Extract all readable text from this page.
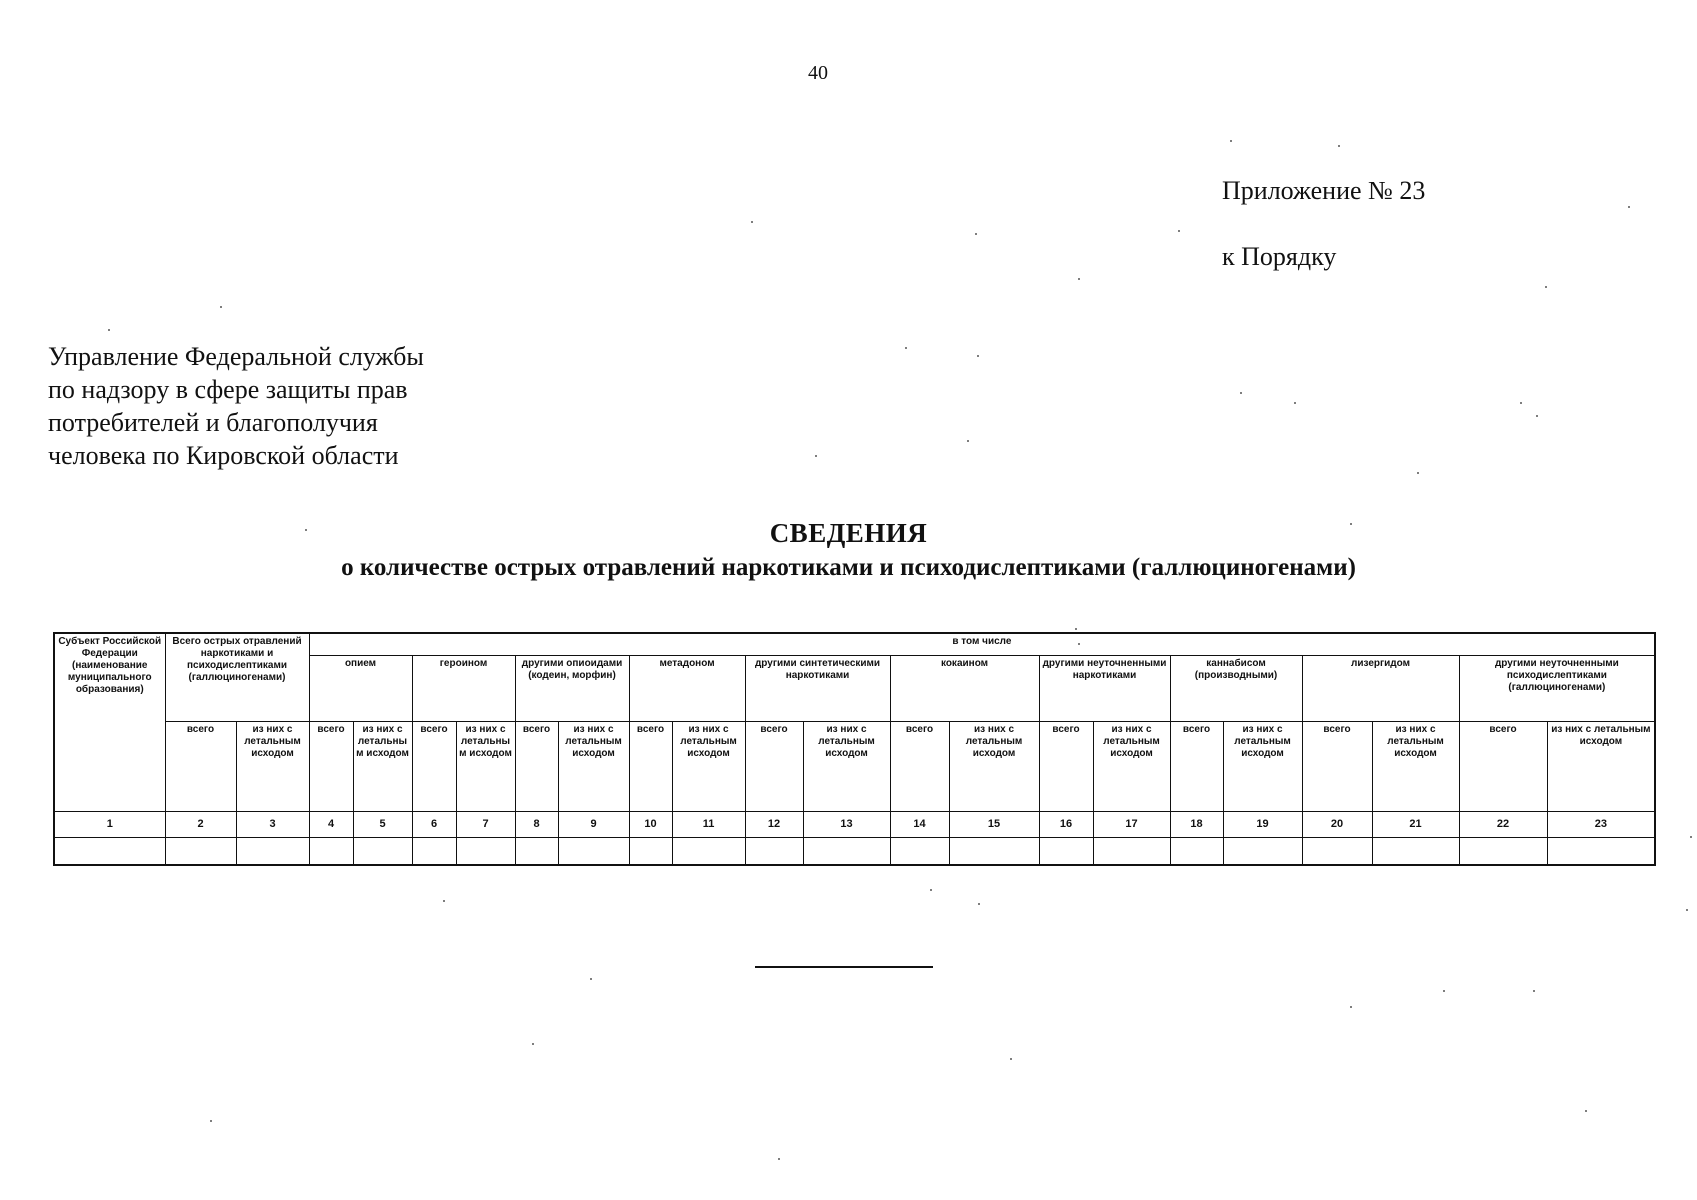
40
Приложение № 23
к Порядку
Управление Федеральной службы
по надзору в сфере защиты прав
потребителей и благополучия
человека по Кировской области
СВЕДЕНИЯ
о количестве острых отравлений наркотиками и психодислептиками (галлюциногенами)
Субъект Российской Федерации (наименование муниципального образования)	Всего острых отравлений наркотиками и психодислептиками (галлюциногенами)		в том числе																			
			опием		героином		другими опиоидами (кодеин, морфин)		метадоном		другими синтетическими наркотиками		кокаином		другими неуточненными наркотиками		каннабисом (производными)		лизергидом		другими неуточненными психодислептиками (галлюциногенами)	
	всего	из них с летальным исходом	всего	из них с летальным исходом	всего	из них с летальным исходом	всего	из них с летальным исходом	всего	из них с летальным исходом	всего	из них с летальным исходом	всего	из них с летальным исходом	всего	из них с летальным исходом	всего	из них с летальным исходом	всего	из них с летальным исходом	всего	из них с летальным исходом
1	2	3	4	5	6	7	8	9	10	11	12	13	14	15	16	17	18	19	20	21	22	23
